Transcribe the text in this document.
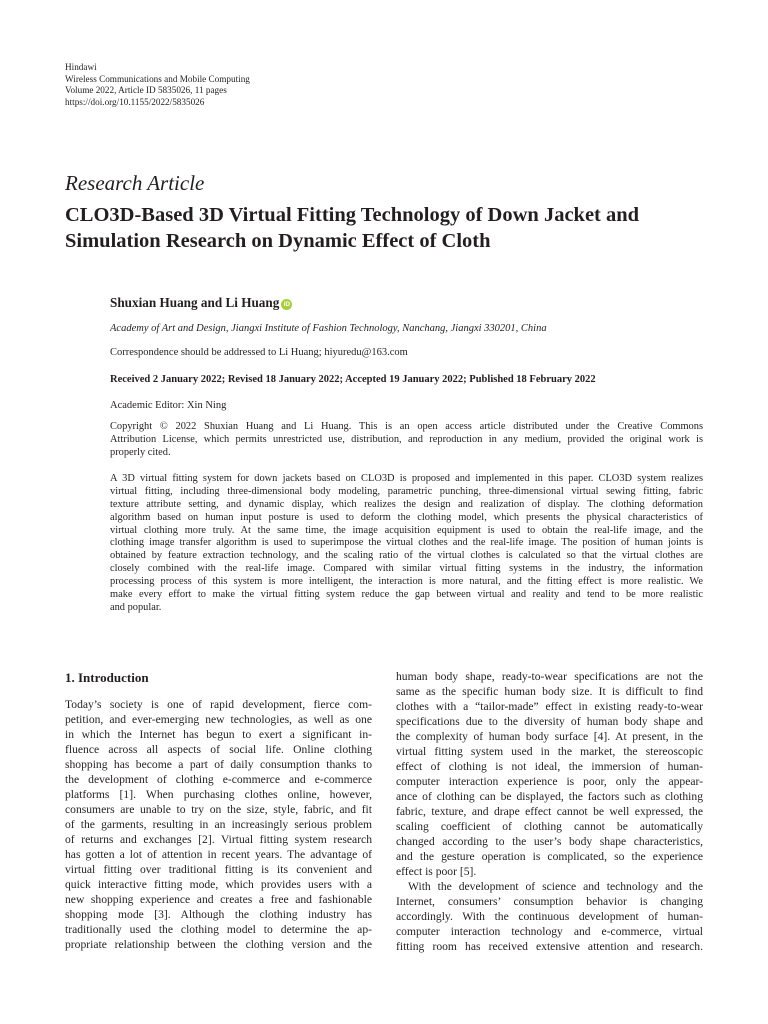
Hindawi
Wireless Communications and Mobile Computing
Volume 2022, Article ID 5835026, 11 pages
https://doi.org/10.1155/2022/5835026
Research Article
CLO3D-Based 3D Virtual Fitting Technology of Down Jacket and
Simulation Research on Dynamic Effect of Cloth
Shuxian Huang and Li Huang iD
Academy of Art and Design, Jiangxi Institute of Fashion Technology, Nanchang, Jiangxi 330201, China
Correspondence should be addressed to Li Huang; hiyuredu@163.com
Received 2 January 2022; Revised 18 January 2022; Accepted 19 January 2022; Published 18 February 2022
Academic Editor: Xin Ning
Copyright © 2022 Shuxian Huang and Li Huang. This is an open access article distributed under the Creative Commons
Attribution License, which permits unrestricted use, distribution, and reproduction in any medium, provided the original work is
properly cited.
A 3D virtual fitting system for down jackets based on CLO3D is proposed and implemented in this paper. CLO3D system realizes
virtual fitting, including three-dimensional body modeling, parametric punching, three-dimensional virtual sewing fitting, fabric
texture attribute setting, and dynamic display, which realizes the design and realization of display. The clothing deformation
algorithm based on human input posture is used to deform the clothing model, which presents the physical characteristics of
virtual clothing more truly. At the same time, the image acquisition equipment is used to obtain the real-life image, and the
clothing image transfer algorithm is used to superimpose the virtual clothes and the real-life image. The position of human joints is
obtained by feature extraction technology, and the scaling ratio of the virtual clothes is calculated so that the virtual clothes are
closely combined with the real-life image. Compared with similar virtual fitting systems in the industry, the information
processing process of this system is more intelligent, the interaction is more natural, and the fitting effect is more realistic. We
make every effort to make the virtual fitting system reduce the gap between virtual and reality and tend to be more realistic
and popular.
1. Introduction
Today’s society is one of rapid development, fierce com-
petition, and ever-emerging new technologies, as well as one
in which the Internet has begun to exert a significant in-
fluence across all aspects of social life. Online clothing
shopping has become a part of daily consumption thanks to
the development of clothing e-commerce and e-commerce
platforms [1]. When purchasing clothes online, however,
consumers are unable to try on the size, style, fabric, and fit
of the garments, resulting in an increasingly serious problem
of returns and exchanges [2]. Virtual fitting system research
has gotten a lot of attention in recent years. The advantage of
virtual fitting over traditional fitting is its convenient and
quick interactive fitting mode, which provides users with a
new shopping experience and creates a free and fashionable
shopping mode [3]. Although the clothing industry has
traditionally used the clothing model to determine the ap-
propriate relationship between the clothing version and the
human body shape, ready-to-wear specifications are not the
same as the specific human body size. It is difficult to find
clothes with a “tailor-made” effect in existing ready-to-wear
specifications due to the diversity of human body shape and
the complexity of human body surface [4]. At present, in the
virtual fitting system used in the market, the stereoscopic
effect of clothing is not ideal, the immersion of human-
computer interaction experience is poor, only the appear-
ance of clothing can be displayed, the factors such as clothing
fabric, texture, and drape effect cannot be well expressed, the
scaling coefficient of clothing cannot be automatically
changed according to the user’s body shape characteristics,
and the gesture operation is complicated, so the experience
effect is poor [5].
With the development of science and technology and the
Internet, consumers’ consumption behavior is changing
accordingly. With the continuous development of human-
computer interaction technology and e-commerce, virtual
fitting room has received extensive attention and research.
